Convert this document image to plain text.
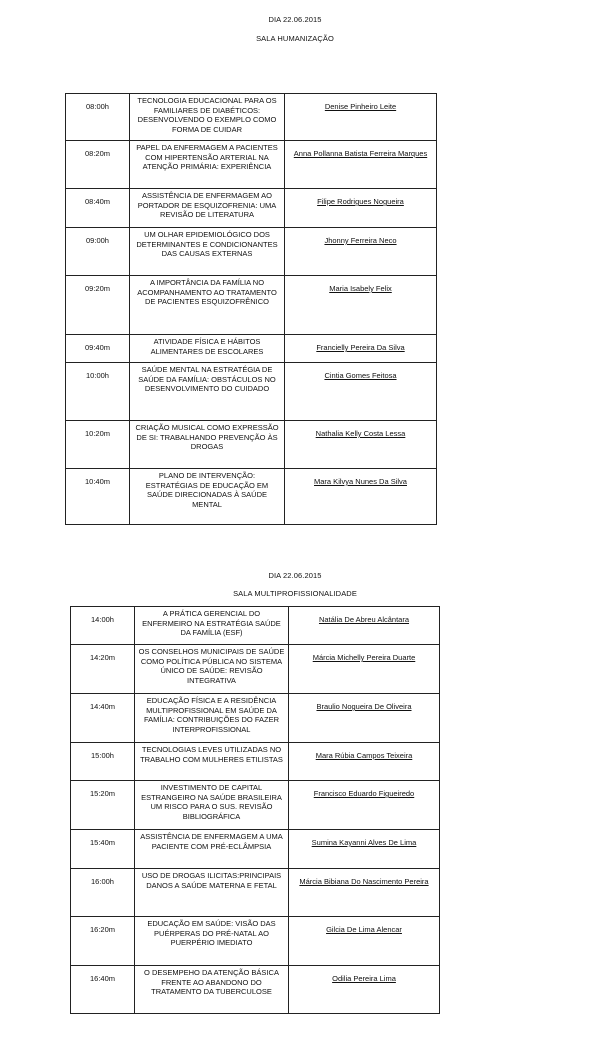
DIA 22.06.2015
SALA HUMANIZAÇÃO
08:00h	TECNOLOGIA EDUCACIONAL PARA OS FAMILIARES DE DIABÉTICOS: DESENVOLVENDO O EXEMPLO COMO FORMA DE CUIDAR	Denise Pinheiro Leite

08:20m	PAPEL DA ENFERMAGEM A PACIENTES COM HIPERTENSÃO ARTERIAL NA ATENÇÃO PRIMÁRIA: EXPERIÊNCIA	Anna Pollanna Batista Ferreira Marques

08:40m	ASSISTÊNCIA DE ENFERMAGEM AO PORTADOR DE ESQUIZOFRENIA: UMA REVISÃO DE LITERATURA	Filipe Rodrigues Nogueira

09:00h	UM OLHAR EPIDEMIOLÓGICO DOS DETERMINANTES E CONDICIONANTES DAS CAUSAS EXTERNAS	Jhonny Ferreira Neco

09:20m	A IMPORTÂNCIA DA FAMÍLIA NO ACOMPANHAMENTO AO TRATAMENTO DE PACIENTES ESQUIZOFRÊNICO	Maria Isabely Felix

09:40m	ATIVIDADE FÍSICA E HÁBITOS ALIMENTARES DE ESCOLARES	Francielly Pereira Da Silva

10:00h	SAÚDE MENTAL NA ESTRATÉGIA DE SAÚDE DA FAMÍLIA: OBSTÁCULOS NO DESENVOLVIMENTO DO CUIDADO	Cintia Gomes Feitosa

10:20m	CRIAÇÃO MUSICAL COMO EXPRESSÃO DE SI: TRABALHANDO PREVENÇÃO ÀS DROGAS	Nathalia Kelly Costa Lessa

10:40m	PLANO DE INTERVENÇÃO: ESTRATÉGIAS DE EDUCAÇÃO EM SAÚDE DIRECIONADAS À SAÚDE MENTAL	Mara Kilvya Nunes Da Silva
DIA 22.06.2015
SALA MULTIPROFISSIONALIDADE
14:00h	A PRÁTICA GERENCIAL DO ENFERMEIRO NA ESTRATÉGIA SAÚDE DA FAMÍLIA (ESF)	Natália De Abreu Alcântara

14:20m	OS CONSELHOS MUNICIPAIS DE SAÚDE COMO POLÍTICA PÚBLICA NO SISTEMA ÚNICO DE SAÚDE: REVISÃO INTEGRATIVA	Márcia Michelly Pereira Duarte

14:40m	EDUCAÇÃO FÍSICA E A RESIDÊNCIA MULTIPROFISSIONAL EM SAÚDE DA FAMÍLIA: CONTRIBUIÇÕES DO FAZER INTERPROFISSIONAL	Braulio Nogueira De Oliveira

15:00h	TECNOLOGIAS LEVES UTILIZADAS NO TRABALHO COM MULHERES ETILISTAS	Mara Rúbia Campos Teixeira

15:20m	INVESTIMENTO DE CAPITAL ESTRANGEIRO NA SAÚDE BRASILEIRA UM RISCO PARA O SUS. REVISÃO BIBLIOGRÁFICA	Francisco Eduardo Figueiredo

15:40m	ASSISTÊNCIA DE ENFERMAGEM A UMA PACIENTE COM PRÉ-ECLÂMPSIA	Sumina Kayanni Alves De Lima

16:00h	USO DE DROGAS ILICITAS:PRINCIPAIS DANOS A SAÚDE MATERNA E FETAL	Márcia Bibiana Do Nascimento Pereira

16:20m	EDUCAÇÃO EM SAÚDE: VISÃO DAS PUÉRPERAS DO PRÉ-NATAL AO PUERPÉRIO IMEDIATO	Gilcia De Lima Alencar

16:40m	O DESEMPEHO DA ATENÇÃO BÁSICA FRENTE AO ABANDONO DO TRATAMENTO DA TUBERCULOSE	Odilia Pereira Lima
